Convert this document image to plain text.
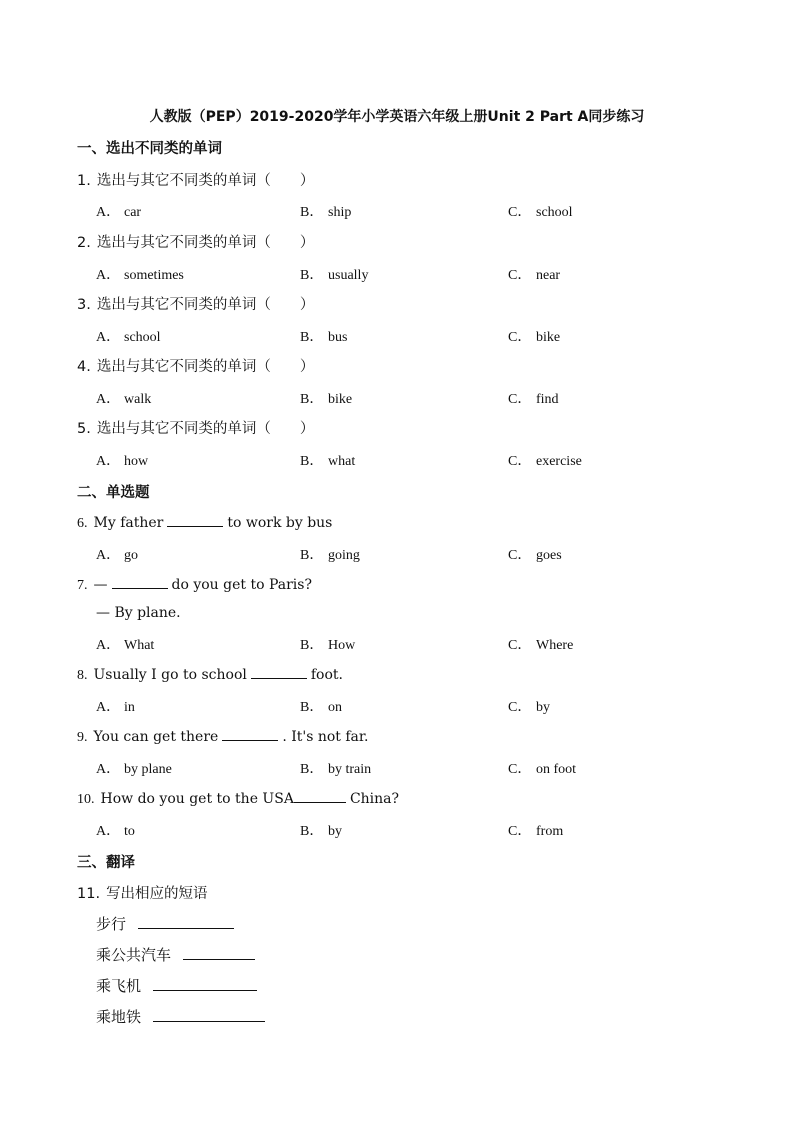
人教版（PEP）2019-2020学年小学英语六年级上册Unit 2 Part A同步练习
一、选出不同类的单词
1. 选出与其它不同类的单词（　　）
A． car	B． ship	C． school
2. 选出与其它不同类的单词（　　）
A． sometimes	B． usually	C． near
3. 选出与其它不同类的单词（　　）
A． school	B． bus	C． bike
4. 选出与其它不同类的单词（　　）
A． walk	B． bike	C． find
5. 选出与其它不同类的单词（　　）
A． how	B． what	C． exercise
二、单选题
6. My father	to work by bus
A． go	B． going	C． goes
7. —	do you get to Paris?
— By plane.
A． What	B． How	C． Where
8. Usually I go to school	foot.
A． in	B． on	C． by
9. You can get there	. It's not far.
A． by plane	B． by train	C． on foot
10. How do you get to the USA	China?
A． to	B． by	C． from
三、翻译
11. 写出相应的短语
步行
乘公共汽车
乘飞机
乘地铁
